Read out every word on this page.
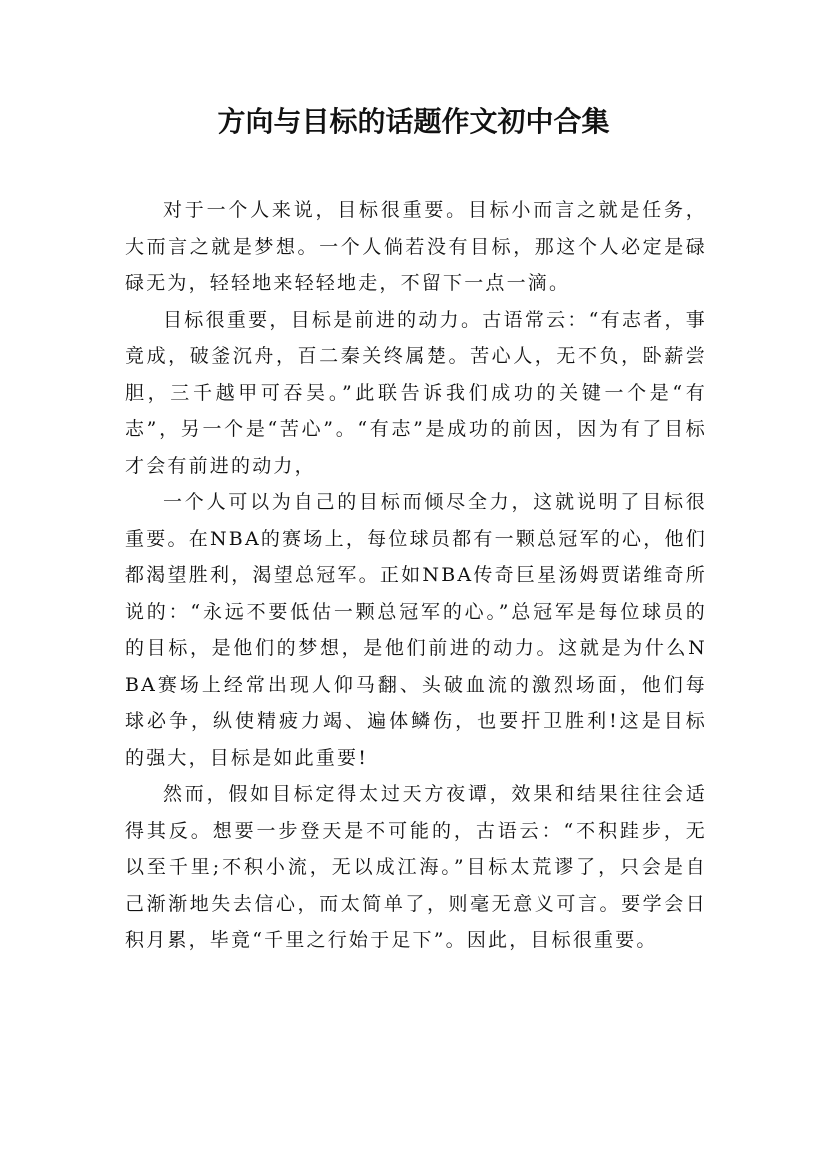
方向与目标的话题作文初中合集

对于一个人来说，目标很重要。目标小而言之就是任务，大而言之就是梦想。一个人倘若没有目标，那这个人必定是碌碌无为，轻轻地来轻轻地走，不留下一点一滴。

目标很重要，目标是前进的动力。古语常云：“有志者，事竟成，破釜沉舟，百二秦关终属楚。苦心人，无不负，卧薪尝胆，三千越甲可吞吴。”此联告诉我们成功的关键一个是“有志”，另一个是“苦心”。“有志”是成功的前因，因为有了目标才会有前进的动力，

一个人可以为自己的目标而倾尽全力，这就说明了目标很重要。在NBA的赛场上，每位球员都有一颗总冠军的心，他们都渴望胜利，渴望总冠军。正如NBA传奇巨星汤姆贾诺维奇所说的：“永远不要低估一颗总冠军的心。”总冠军是每位球员的的目标，是他们的梦想，是他们前进的动力。这就是为什么NBA赛场上经常出现人仰马翻、头破血流的激烈场面，他们每球必争，纵使精疲力竭、遍体鳞伤，也要扞卫胜利!这是目标的强大，目标是如此重要!

然而，假如目标定得太过天方夜谭，效果和结果往往会适得其反。想要一步登天是不可能的，古语云：“不积跬步，无以至千里;不积小流，无以成江海。”目标太荒谬了，只会是自己渐渐地失去信心，而太简单了，则毫无意义可言。要学会日积月累，毕竟“千里之行始于足下”。因此，目标很重要。
